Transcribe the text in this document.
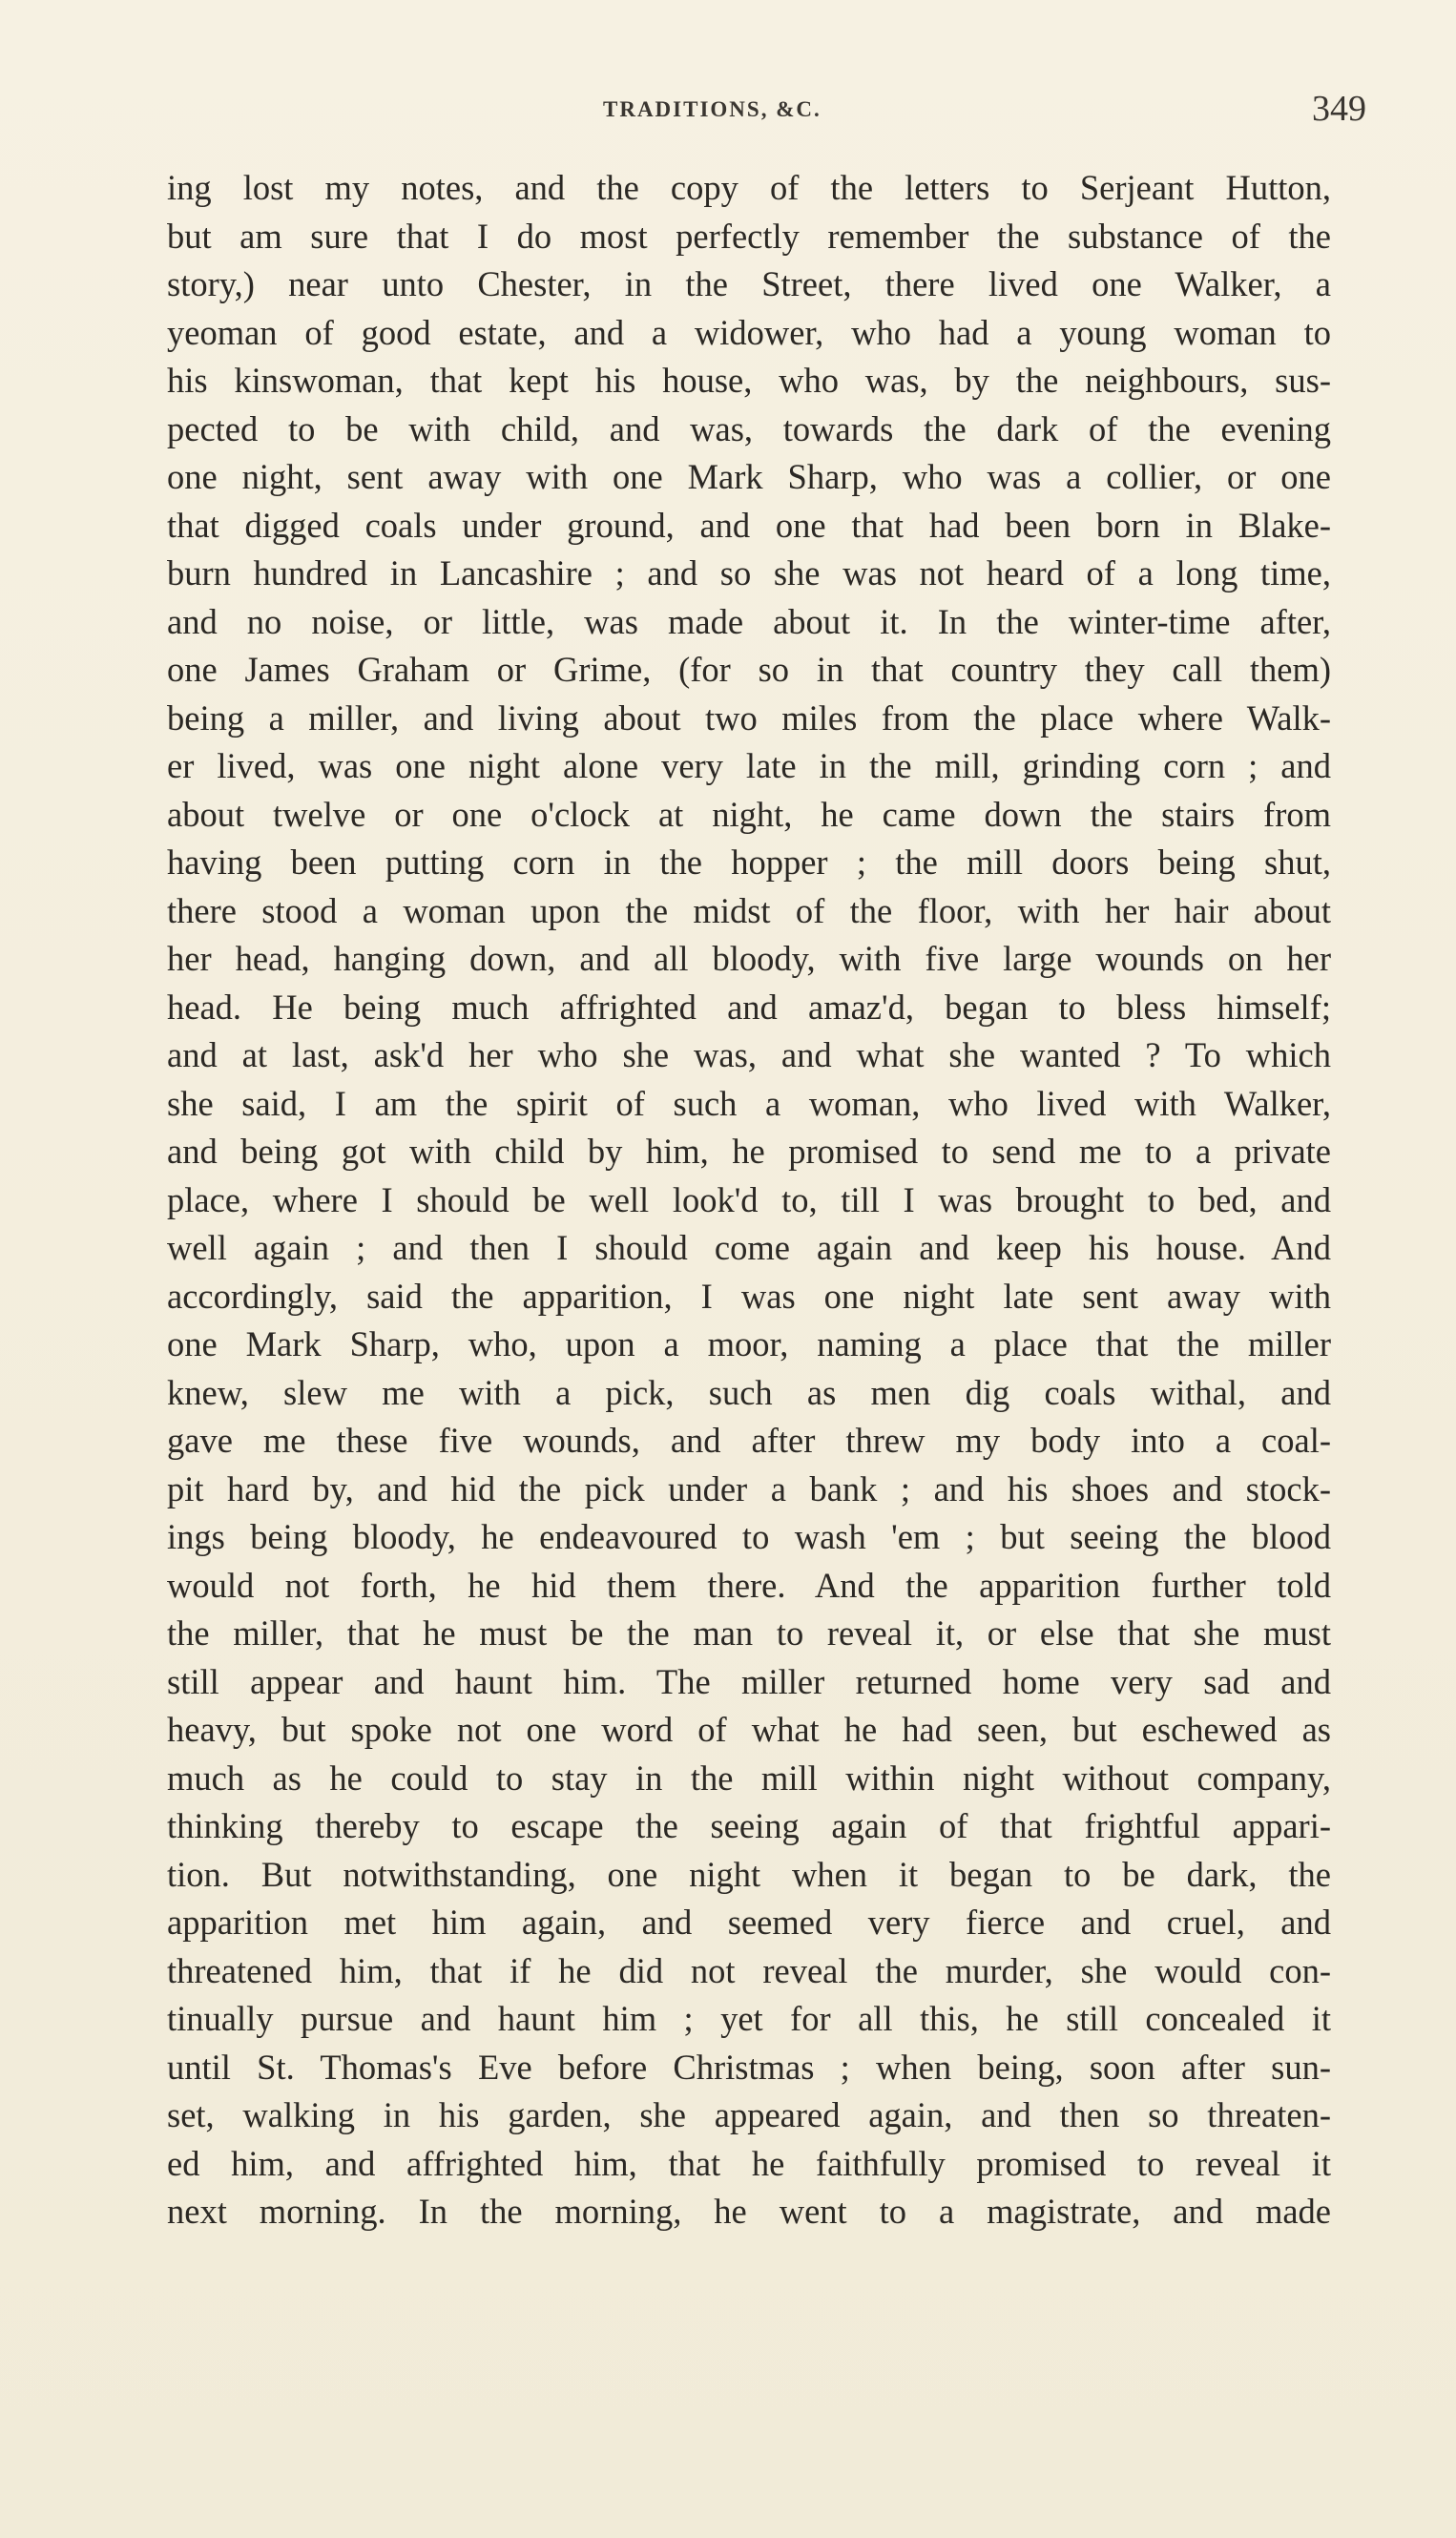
TRADITIONS, &C.	349
ing lost my notes, and the copy of the letters to Serjeant Hutton,
but am sure that I do most perfectly remember the substance of the
story,) near unto Chester, in the Street, there lived one Walker, a
yeoman of good estate, and a widower, who had a young woman to
his kinswoman, that kept his house, who was, by the neighbours, sus-
pected to be with child, and was, towards the dark of the evening
one night, sent away with one Mark Sharp, who was a collier, or one
that digged coals under ground, and one that had been born in Blake-
burn hundred in Lancashire ; and so she was not heard of a long time,
and no noise, or little, was made about it. In the winter-time after,
one James Graham or Grime, (for so in that country they call them)
being a miller, and living about two miles from the place where Walk-
er lived, was one night alone very late in the mill, grinding corn ; and
about twelve or one o'clock at night, he came down the stairs from
having been putting corn in the hopper ; the mill doors being shut,
there stood a woman upon the midst of the floor, with her hair about
her head, hanging down, and all bloody, with five large wounds on her
head. He being much affrighted and amaz'd, began to bless himself;
and at last, ask'd her who she was, and what she wanted ? To which
she said, I am the spirit of such a woman, who lived with Walker,
and being got with child by him, he promised to send me to a private
place, where I should be well look'd to, till I was brought to bed, and
well again ; and then I should come again and keep his house. And
accordingly, said the apparition, I was one night late sent away with
one Mark Sharp, who, upon a moor, naming a place that the miller
knew, slew me with a pick, such as men dig coals withal, and
gave me these five wounds, and after threw my body into a coal-
pit hard by, and hid the pick under a bank ; and his shoes and stock-
ings being bloody, he endeavoured to wash 'em ; but seeing the blood
would not forth, he hid them there. And the apparition further told
the miller, that he must be the man to reveal it, or else that she must
still appear and haunt him. The miller returned home very sad and
heavy, but spoke not one word of what he had seen, but eschewed as
much as he could to stay in the mill within night without company,
thinking thereby to escape the seeing again of that frightful appari-
tion. But notwithstanding, one night when it began to be dark, the
apparition met him again, and seemed very fierce and cruel, and
threatened him, that if he did not reveal the murder, she would con-
tinually pursue and haunt him ; yet for all this, he still concealed it
until St. Thomas's Eve before Christmas ; when being, soon after sun-
set, walking in his garden, she appeared again, and then so threaten-
ed him, and affrighted him, that he faithfully promised to reveal it
next morning. In the morning, he went to a magistrate, and made
